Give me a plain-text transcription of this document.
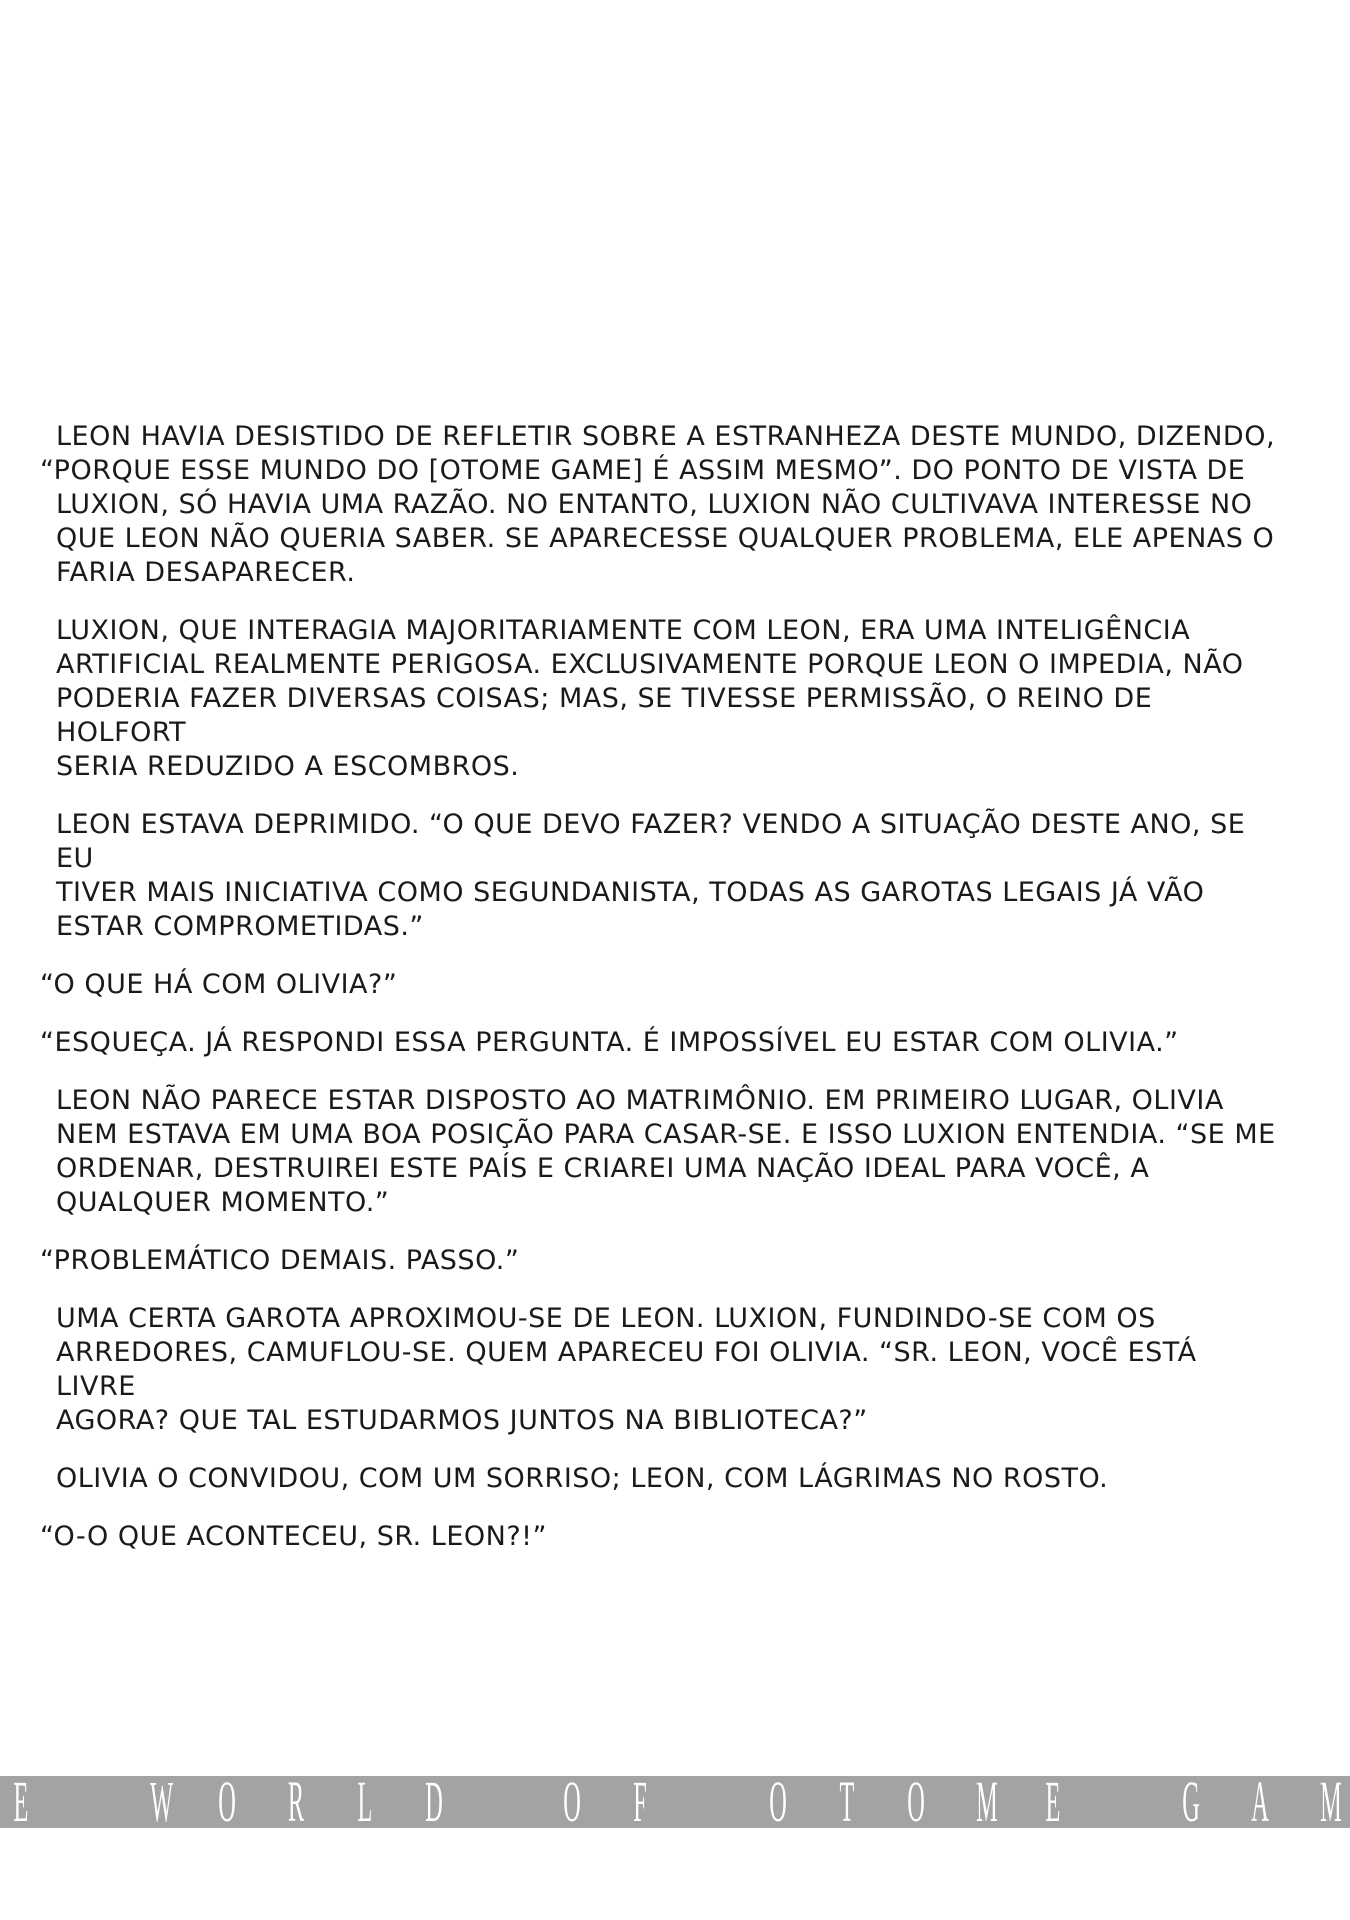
LEON HAVIA DESISTIDO DE REFLETIR SOBRE A ESTRANHEZA DESTE MUNDO, DIZENDO,

“PORQUE ESSE MUNDO DO [OTOME GAME] É ASSIM MESMO”. DO PONTO DE VISTA DE

LUXION, SÓ HAVIA UMA RAZÃO. NO ENTANTO, LUXION NÃO CULTIVAVA INTERESSE NO
QUE LEON NÃO QUERIA SABER. SE APARECESSE QUALQUER PROBLEMA, ELE APENAS O
FARIA DESAPARECER.

LUXION, QUE INTERAGIA MAJORITARIAMENTE COM LEON, ERA UMA INTELIGÊNCIA
ARTIFICIAL REALMENTE PERIGOSA. EXCLUSIVAMENTE PORQUE LEON O IMPEDIA, NÃO
PODERIA FAZER DIVERSAS COISAS; MAS, SE TIVESSE PERMISSÃO, O REINO DE HOLFORT
SERIA REDUZIDO A ESCOMBROS.

LEON ESTAVA DEPRIMIDO. “O QUE DEVO FAZER? VENDO A SITUAÇÃO DESTE ANO, SE EU
TIVER MAIS INICIATIVA COMO SEGUNDANISTA, TODAS AS GAROTAS LEGAIS JÁ VÃO
ESTAR COMPROMETIDAS.”

“O QUE HÁ COM OLIVIA?”

“ESQUEÇA. JÁ RESPONDI ESSA PERGUNTA. É IMPOSSÍVEL EU ESTAR COM OLIVIA.”

LEON NÃO PARECE ESTAR DISPOSTO AO MATRIMÔNIO. EM PRIMEIRO LUGAR, OLIVIA
NEM ESTAVA EM UMA BOA POSIÇÃO PARA CASAR-SE. E ISSO LUXION ENTENDIA. “SE ME
ORDENAR, DESTRUIREI ESTE PAÍS E CRIAREI UMA NAÇÃO IDEAL PARA VOCÊ, A
QUALQUER MOMENTO.”

“PROBLEMÁTICO DEMAIS. PASSO.”

UMA CERTA GAROTA APROXIMOU-SE DE LEON. LUXION, FUNDINDO-SE COM OS
ARREDORES, CAMUFLOU-SE. QUEM APARECEU FOI OLIVIA. “SR. LEON, VOCÊ ESTÁ LIVRE
AGORA? QUE TAL ESTUDARMOS JUNTOS NA BIBLIOTECA?”

OLIVIA O CONVIDOU, COM UM SORRISO; LEON, COM LÁGRIMAS NO ROSTO.

“O-O QUE ACONTECEU, SR. LEON?!”

E W O R L D O F O T O M E G A M
